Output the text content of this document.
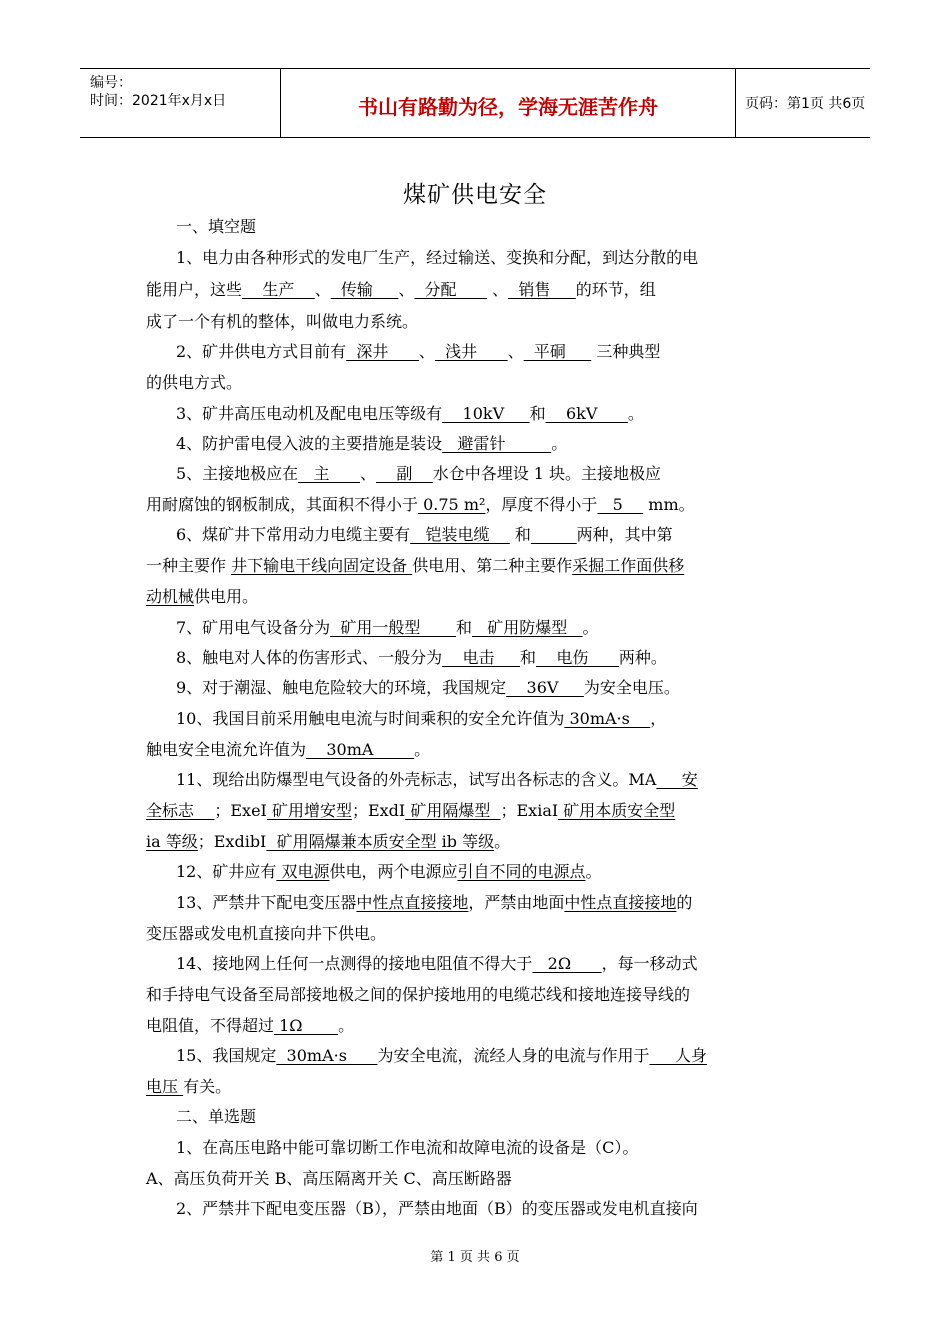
编号：
时间：2021年x月x日	书山有路勤为径，学海无涯苦作舟	页码：第1页 共6页
煤矿供电安全
一、填空题
1、电力由各种形式的发电厂生产，经过输送、变换和分配，到达分散的电
能用户，这些    生产    、  传输     、  分配       、  销售     的环节，组
成了一个有机的整体，叫做电力系统。
2、矿井供电方式目前有  深井      、  浅井      、  平硐      三种典型
的供电方式。
3、矿井高压电动机及配电电压等级有    10kV     和    6kV      。
4、防护雷电侵入波的主要措施是装设   避雷针         。
5、主接地极应在   主      、    副    水仓中各埋设 1 块。主接地极应
用耐腐蚀的钢板制成，其面积不得小于 0.75 m²，厚度不得小于   5     mm。
6、煤矿井下常用动力电缆主要有   铠装电缆     和	两种，其中第
一种主要作 井下输电干线向固定设备 供电用、第二种主要作采掘工作面供移
动机械供电用。
7、矿用电气设备分为  矿用一般型       和   矿用防爆型   。
8、触电对人体的伤害形式、一般分为    电击     和    电伤      两种。
9、对于潮湿、触电危险较大的环境，我国规定    36V     为安全电压。
10、我国目前采用触电电流与时间乘积的安全允许值为 30mA·s    ，
触电安全电流允许值为    30mA        。
11、现给出防爆型电气设备的外壳标志，试写出各标志的含义。MA     安
全标志    ；ExeI 矿用增安型；ExdI 矿用隔爆型  ；ExiaI 矿用本质安全型
ia 等级；ExdibI  矿用隔爆兼本质安全型 ib 等级。
12、矿井应有 双电源供电，两个电源应引自不同的电源点。
13、严禁井下配电变压器中性点直接接地，严禁由地面中性点直接接地的
变压器或发电机直接向井下供电。
14、接地网上任何一点测得的接地电阻值不得大于   2Ω      ，每一移动式
和手持电气设备至局部接地极之间的保护接地用的电缆芯线和接地连接导线的
电阻值，不得超过 1Ω       。
15、我国规定  30mA·s      为安全电流，流经人身的电流与作用于     人身
电压 有关。
二、单选题
1、在高压电路中能可靠切断工作电流和故障电流的设备是（C）。
A、高压负荷开关 B、高压隔离开关 C、高压断路器
2、严禁井下配电变压器（B），严禁由地面（B）的变压器或发电机直接向
第 1 页 共 6 页
